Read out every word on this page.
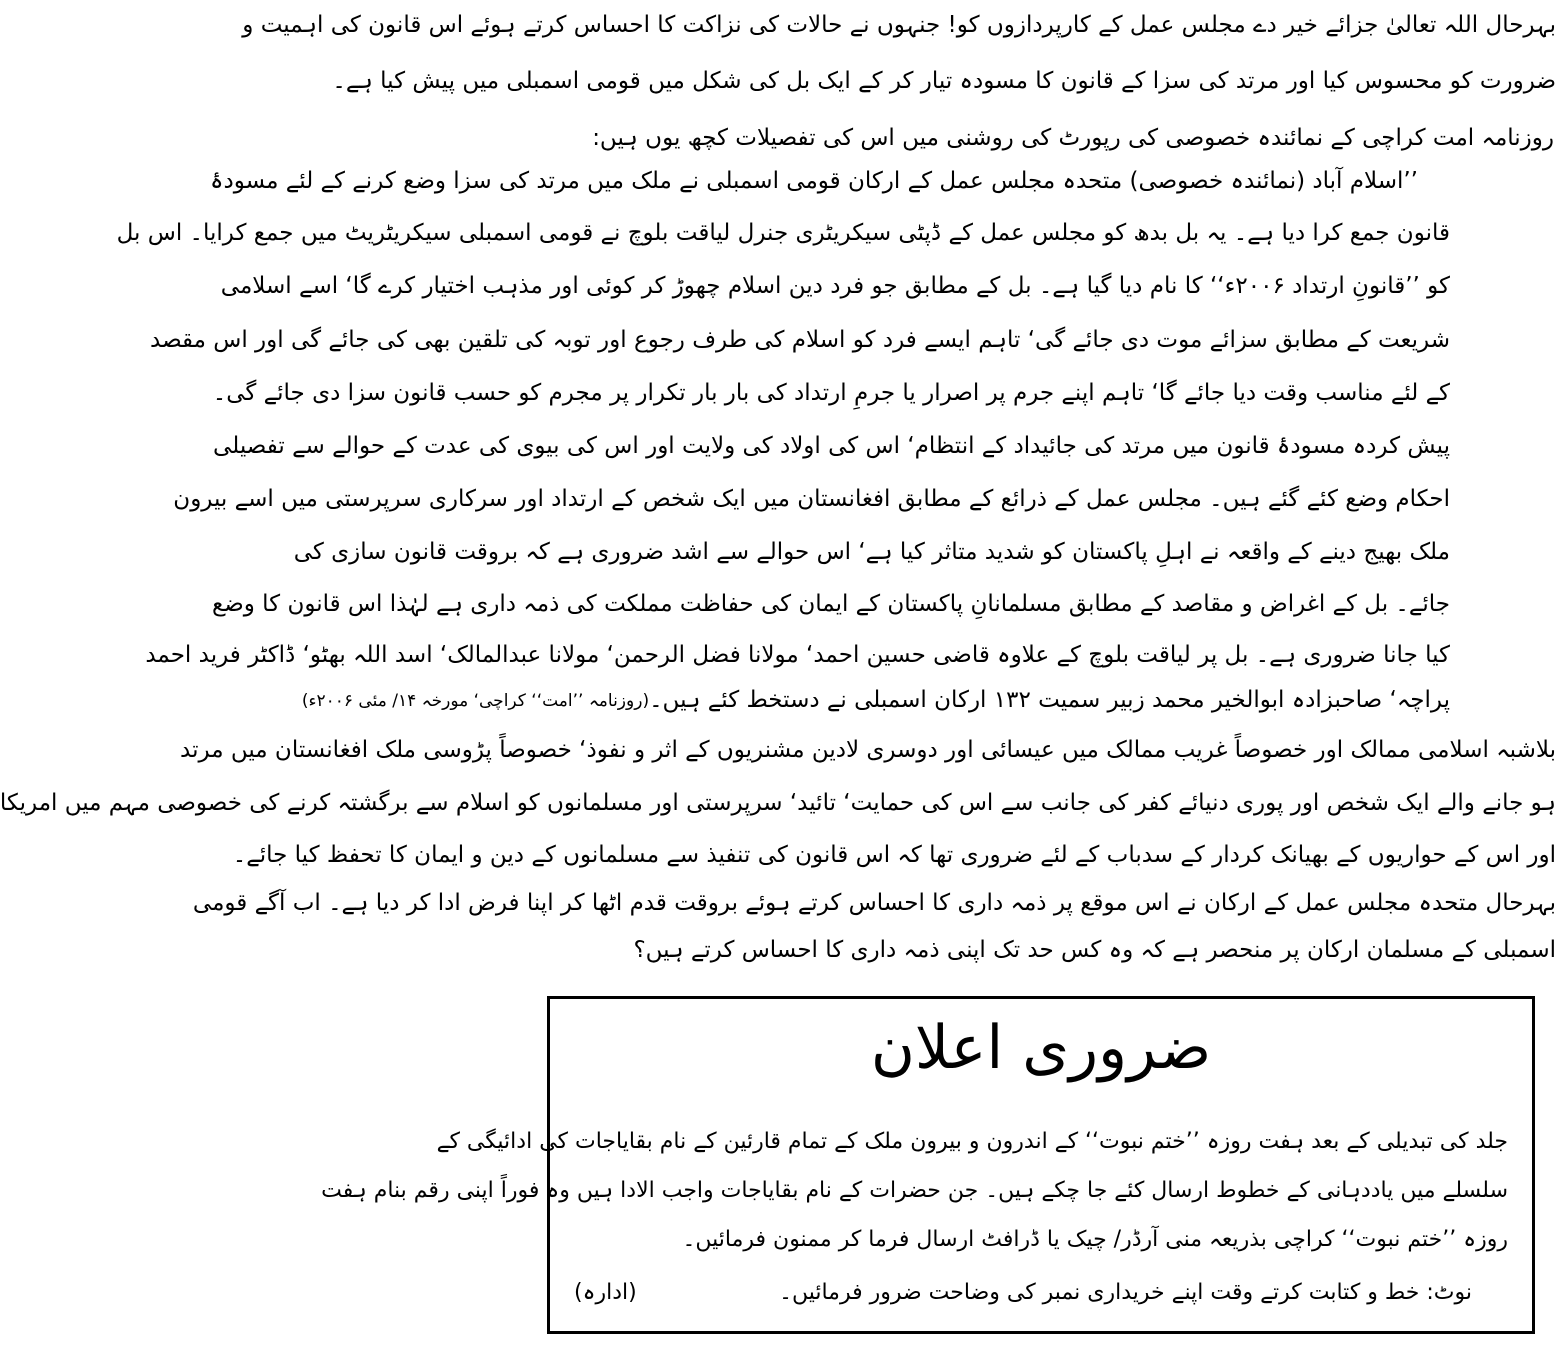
بہرحال اللہ تعالیٰ جزائے خیر دے مجلس عمل کے کارپردازوں کو! جنہوں نے حالات کی نزاکت کا احساس کرتے ہوئے اس قانون کی اہمیت و
ضرورت کو محسوس کیا اور مرتد کی سزا کے قانون کا مسودہ تیار کر کے ایک بل کی شکل میں قومی اسمبلی میں پیش کیا ہے۔
روزنامہ امت کراچی کے نمائندہ خصوصی کی رپورٹ کی روشنی میں اس کی تفصیلات کچھ یوں ہیں:
’’اسلام آباد (نمائندہ خصوصی) متحدہ مجلس عمل کے ارکان قومی اسمبلی نے ملک میں مرتد کی سزا وضع کرنے کے لئے مسودۂ
قانون جمع کرا دیا ہے۔ یہ بل بدھ کو مجلس عمل کے ڈپٹی سیکریٹری جنرل لیاقت بلوچ نے قومی اسمبلی سیکریٹریٹ میں جمع کرایا۔ اس بل
کو ’’قانونِ ارتداد ۲۰۰۶ء‘‘ کا نام دیا گیا ہے۔ بل کے مطابق جو فرد دین اسلام چھوڑ کر کوئی اور مذہب اختیار کرے گا‘ اسے اسلامی
شریعت کے مطابق سزائے موت دی جائے گی‘ تاہم ایسے فرد کو اسلام کی طرف رجوع اور توبہ کی تلقین بھی کی جائے گی اور اس مقصد
کے لئے مناسب وقت دیا جائے گا‘ تاہم اپنے جرم پر اصرار یا جرمِ ارتداد کی بار بار تکرار پر مجرم کو حسب قانون سزا دی جائے گی۔
پیش کردہ مسودۂ قانون میں مرتد کی جائیداد کے انتظام‘ اس کی اولاد کی ولایت اور اس کی بیوی کی عدت کے حوالے سے تفصیلی
احکام وضع کئے گئے ہیں۔ مجلس عمل کے ذرائع کے مطابق افغانستان میں ایک شخص کے ارتداد اور سرکاری سرپرستی میں اسے بیرون
ملک بھیج دینے کے واقعہ نے اہلِ پاکستان کو شدید متاثر کیا ہے‘ اس حوالے سے اشد ضروری ہے کہ بروقت قانون سازی کی
جائے۔ بل کے اغراض و مقاصد کے مطابق مسلمانانِ پاکستان کے ایمان کی حفاظت مملکت کی ذمہ داری ہے لہٰذا اس قانون کا وضع
کیا جانا ضروری ہے۔ بل پر لیاقت بلوچ کے علاوہ قاضی حسین احمد‘ مولانا فضل الرحمن‘ مولانا عبدالمالک‘ اسد اللہ بھٹو‘ ڈاکٹر فرید احمد
پراچہ‘ صاحبزادہ ابوالخیر محمد زبیر سمیت ۱۳۲ ارکان اسمبلی نے دستخط کئے ہیں۔
(روزنامہ ’’امت‘‘ کراچی‘ مورخہ ۱۴/ مئی ۲۰۰۶ء)
بلاشبہ اسلامی ممالک اور خصوصاً غریب ممالک میں عیسائی اور دوسری لادین مشنریوں کے اثر و نفوذ‘ خصوصاً پڑوسی ملک افغانستان میں مرتد
ہو جانے والے ایک شخص اور پوری دنیائے کفر کی جانب سے اس کی حمایت‘ تائید‘ سرپرستی اور مسلمانوں کو اسلام سے برگشتہ کرنے کی خصوصی مہم میں امریکا
اور اس کے حواریوں کے بھیانک کردار کے سدباب کے لئے ضروری تھا کہ اس قانون کی تنفیذ سے مسلمانوں کے دین و ایمان کا تحفظ کیا جائے۔
بہرحال متحدہ مجلس عمل کے ارکان نے اس موقع پر ذمہ داری کا احساس کرتے ہوئے بروقت قدم اٹھا کر اپنا فرض ادا کر دیا ہے۔ اب آگے قومی
اسمبلی کے مسلمان ارکان پر منحصر ہے کہ وہ کس حد تک اپنی ذمہ داری کا احساس کرتے ہیں؟
ضروری اعلان
جلد کی تبدیلی کے بعد ہفت روزہ ’’ختم نبوت‘‘ کے اندرون و بیرون ملک کے تمام قارئین کے نام بقایاجات کی ادائیگی کے
سلسلے میں یاددہانی کے خطوط ارسال کئے جا چکے ہیں۔ جن حضرات کے نام بقایاجات واجب الادا ہیں وہ فوراً اپنی رقم بنام ہفت
روزہ ’’ختم نبوت‘‘ کراچی بذریعہ منی آرڈر/ چیک یا ڈرافٹ ارسال فرما کر ممنون فرمائیں۔
نوٹ: خط و کتابت کرتے وقت اپنے خریداری نمبر کی وضاحت ضرور فرمائیں۔
(ادارہ)
